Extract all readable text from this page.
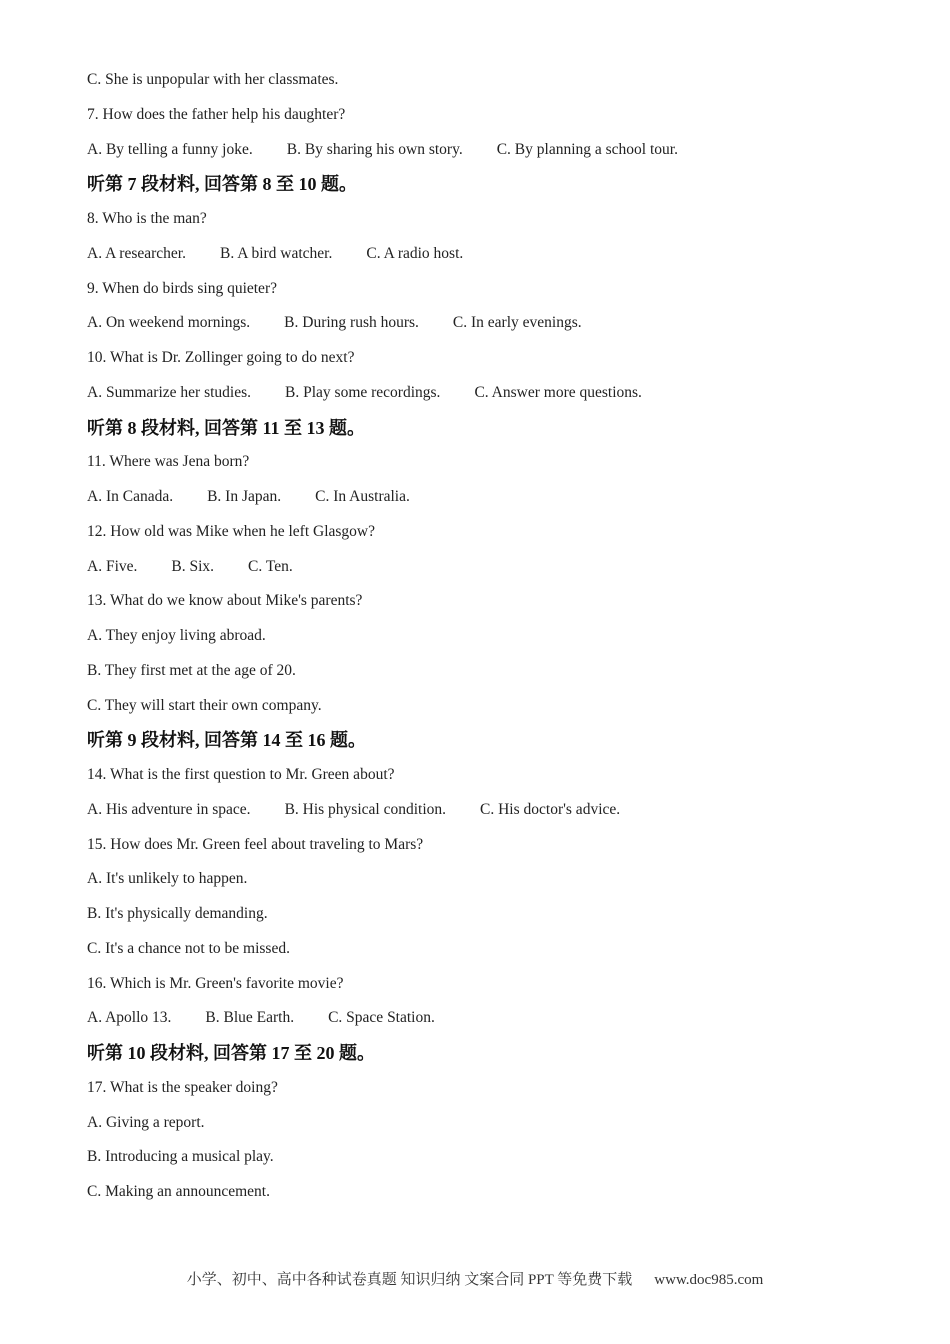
C. She is unpopular with her classmates.
7. How does the father help his daughter?
A. By telling a funny joke. B. By sharing his own story. C. By planning a school tour.
听第 7 段材料, 回答第 8 至 10 题。
8. Who is the man?
A. A researcher. B. A bird watcher. C. A radio host.
9. When do birds sing quieter?
A. On weekend mornings. B. During rush hours. C. In early evenings.
10. What is Dr. Zollinger going to do next?
A. Summarize her studies. B. Play some recordings. C. Answer more questions.
听第 8 段材料, 回答第 11 至 13 题。
11. Where was Jena born?
A. In Canada. B. In Japan. C. In Australia.
12. How old was Mike when he left Glasgow?
A. Five. B. Six. C. Ten.
13. What do we know about Mike's parents?
A. They enjoy living abroad.
B. They first met at the age of 20.
C. They will start their own company.
听第 9 段材料, 回答第 14 至 16 题。
14. What is the first question to Mr. Green about?
A. His adventure in space. B. His physical condition. C. His doctor's advice.
15. How does Mr. Green feel about traveling to Mars?
A. It's unlikely to happen.
B. It's physically demanding.
C. It's a chance not to be missed.
16. Which is Mr. Green's favorite movie?
A. Apollo 13. B. Blue Earth. C. Space Station.
听第 10 段材料, 回答第 17 至 20 题。
17. What is the speaker doing?
A. Giving a report.
B. Introducing a musical play.
C. Making an announcement.
小学、初中、高中各种试卷真题 知识归纳 文案合同 PPT 等免费下载 www.doc985.com
